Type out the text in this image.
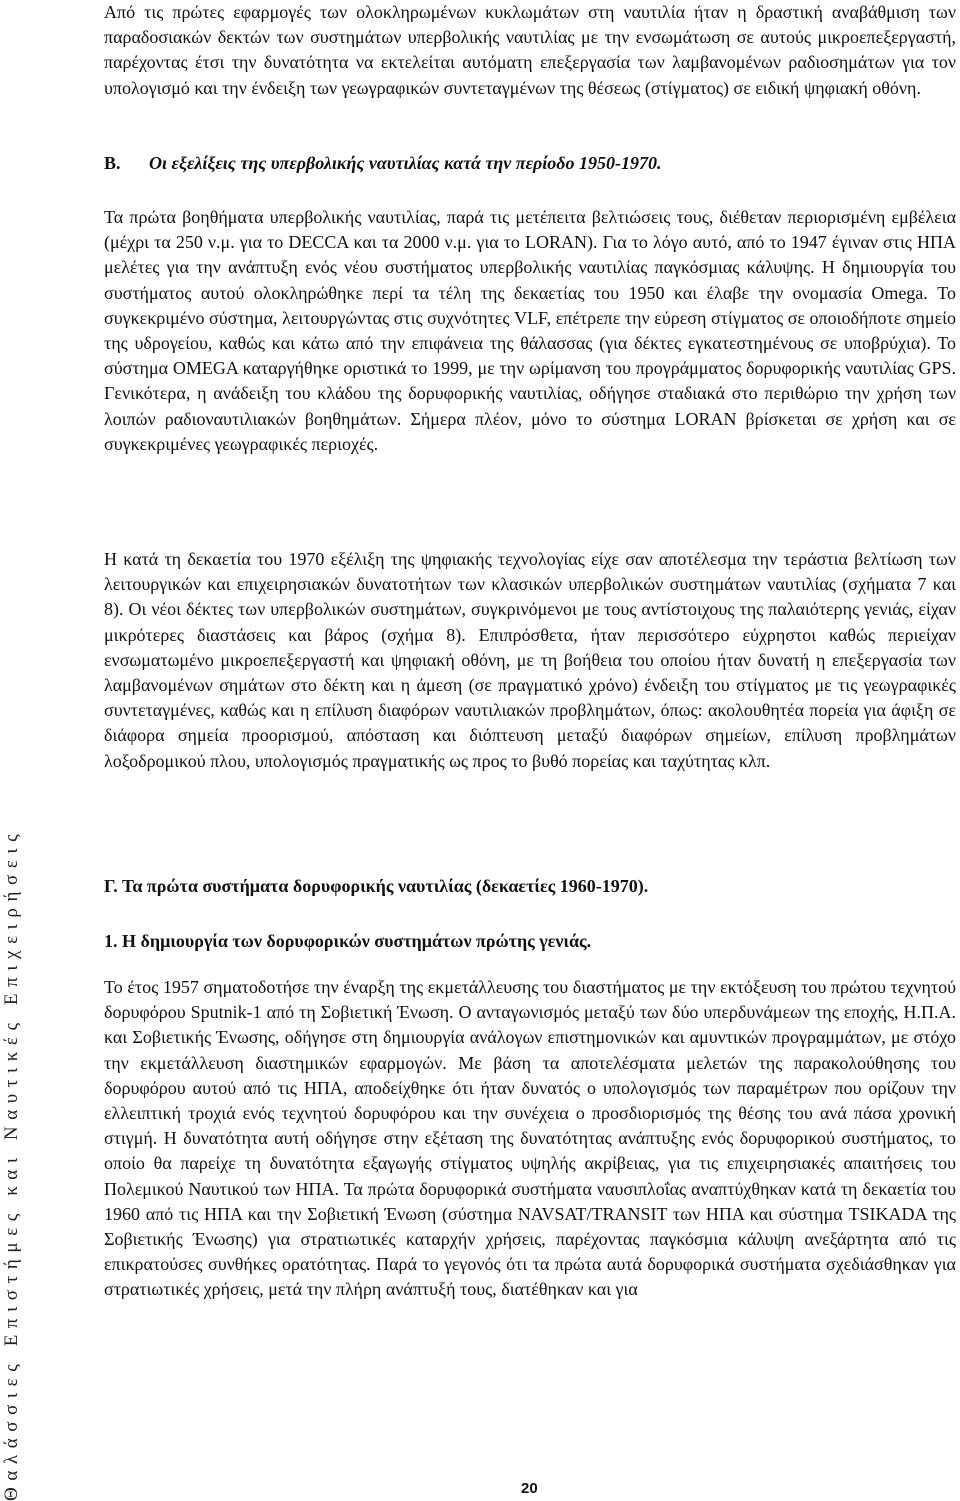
Θαλάσσιες Επιστήμες και Ναυτικές Επιχειρήσεις

Από τις πρώτες εφαρμογές των ολοκληρωμένων κυκλωμάτων στη ναυτιλία ήταν η δραστική αναβάθμιση των παραδοσιακών δεκτών των συστημάτων υπερβολικής ναυτιλίας με την ενσωμάτωση σε αυτούς μικροεπεξεργαστή, παρέχοντας έτσι την δυνατότητα να εκτελείται αυτόματη επεξεργασία των λαμβανομένων ραδιοσημάτων για τον υπολογισμό και την ένδειξη των γεωγραφικών συντεταγμένων της θέσεως (στίγματος) σε ειδική ψηφιακή οθόνη.

Β. Οι εξελίξεις της υπερβολικής ναυτιλίας κατά την περίοδο 1950-1970.

Τα πρώτα βοηθήματα υπερβολικής ναυτιλίας, παρά τις μετέπειτα βελτιώσεις τους, διέθεταν περιορισμένη εμβέλεια (μέχρι τα 250 ν.μ. για το DECCA και τα 2000 ν.μ. για το LORAN). Για το λόγο αυτό, από το 1947 έγιναν στις ΗΠΑ μελέτες για την ανάπτυξη ενός νέου συστήματος υπερβολικής ναυτιλίας παγκόσμιας κάλυψης. Η δημιουργία του συστήματος αυτού ολοκληρώθηκε περί τα τέλη της δεκαετίας του 1950 και έλαβε την ονομασία Omega. Το συγκεκριμένο σύστημα, λειτουργώντας στις συχνότητες VLF, επέτρεπε την εύρεση στίγματος σε οποιοδήποτε σημείο της υδρογείου, καθώς και κάτω από την επιφάνεια της θάλασσας (για δέκτες εγκατεστημένους σε υποβρύχια). Το σύστημα OMEGA καταργήθηκε οριστικά το 1999, με την ωρίμανση του προγράμματος δορυφορικής ναυτιλίας GPS. Γενικότερα, η ανάδειξη του κλάδου της δορυφορικής ναυτιλίας, οδήγησε σταδιακά στο περιθώριο την χρήση των λοιπών ραδιοναυτιλιακών βοηθημάτων. Σήμερα πλέον, μόνο το σύστημα LORAN βρίσκεται σε χρήση και σε συγκεκριμένες γεωγραφικές περιοχές.

Η κατά τη δεκαετία του 1970 εξέλιξη της ψηφιακής τεχνολογίας είχε σαν αποτέλεσμα την τεράστια βελτίωση των λειτουργικών και επιχειρησιακών δυνατοτήτων των κλασικών υπερβολικών συστημάτων ναυτιλίας (σχήματα 7 και 8). Οι νέοι δέκτες των υπερβολικών συστημάτων, συγκρινόμενοι με τους αντίστοιχους της παλαιότερης γενιάς, είχαν μικρότερες διαστάσεις και βάρος (σχήμα 8). Επιπρόσθετα, ήταν περισσότερο εύχρηστοι καθώς περιείχαν ενσωματωμένο μικροεπεξεργαστή και ψηφιακή οθόνη, με τη βοήθεια του οποίου ήταν δυνατή η επεξεργασία των λαμβανομένων σημάτων στο δέκτη και η άμεση (σε πραγματικό χρόνο) ένδειξη του στίγματος με τις γεωγραφικές συντεταγμένες, καθώς και η επίλυση διαφόρων ναυτιλιακών προβλημάτων, όπως: ακολουθητέα πορεία για άφιξη σε διάφορα σημεία προορισμού, απόσταση και διόπτευση μεταξύ διαφόρων σημείων, επίλυση προβλημάτων λοξοδρομικού πλου, υπολογισμός πραγματικής ως προς το βυθό πορείας και ταχύτητας κλπ.

Γ. Τα πρώτα συστήματα δορυφορικής ναυτιλίας (δεκαετίες 1960-1970).
1. Η δημιουργία των δορυφορικών συστημάτων πρώτης γενιάς.

Το έτος 1957 σηματοδοτήσε την έναρξη της εκμετάλλευσης του διαστήματος με την εκτόξευση του πρώτου τεχνητού δορυφόρου Sputnik-1 από τη Σοβιετική Ένωση. Ο ανταγωνισμός μεταξύ των δύο υπερδυνάμεων της εποχής, Η.Π.Α. και Σοβιετικής Ένωσης, οδήγησε στη δημιουργία ανάλογων επιστημονικών και αμυντικών προγραμμάτων, με στόχο την εκμετάλλευση διαστημικών εφαρμογών. Με βάση τα αποτελέσματα μελετών της παρακολούθησης του δορυφόρου αυτού από τις ΗΠΑ, αποδείχθηκε ότι ήταν δυνατός ο υπολογισμός των παραμέτρων που ορίζουν την ελλειπτική τροχιά ενός τεχνητού δορυφόρου και την συνέχεια ο προσδιορισμός της θέσης του ανά πάσα χρονική στιγμή. Η δυνατότητα αυτή οδήγησε στην εξέταση της δυνατότητας ανάπτυξης ενός δορυφορικού συστήματος, το οποίο θα παρείχε τη δυνατότητα εξαγωγής στίγματος υψηλής ακρίβειας, για τις επιχειρησιακές απαιτήσεις του Πολεμικού Ναυτικού των ΗΠΑ. Τα πρώτα δορυφορικά συστήματα ναυσιπλοΐας αναπτύχθηκαν κατά τη δεκαετία του 1960 από τις ΗΠΑ και την Σοβιετική Ένωση (σύστημα NAVSAT/TRANSIT των ΗΠΑ και σύστημα TSIKADA της Σοβιετικής Ένωσης) για στρατιωτικές καταρχήν χρήσεις, παρέχοντας παγκόσμια κάλυψη ανεξάρτητα από τις επικρατούσες συνθήκες ορατότητας. Παρά το γεγονός ότι τα πρώτα αυτά δορυφορικά συστήματα σχεδιάσθηκαν για στρατιωτικές χρήσεις, μετά την πλήρη ανάπτυξή τους, διατέθηκαν και για

20
